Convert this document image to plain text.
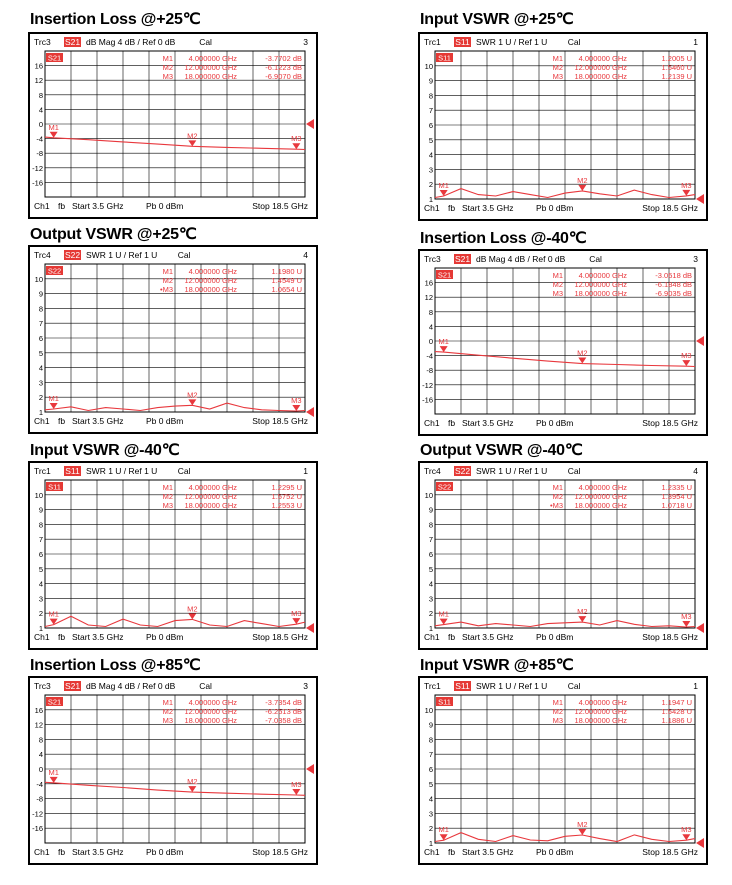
Insertion Loss @+25℃	Input VSWR @+25℃
Output VSWR @+25℃	Insertion Loss @-40℃
Input VSWR @-40℃	Output VSWR @-40℃
Insertion Loss @+85℃	Input VSWR @+85℃
Trc3 S21 dB Mag 4 dB / Ref 0 dB	Cal	3
16
12
8
4
0
-4
-8
-12
-16
M1 4.000000 GHz	-3.7702 dB
M2 12.000000 GHz	-6.1223 dB
M3 18.000000 GHz	-6.9070 dB
S21
M1
M2	M3
Ch1 fb Start 3.5 GHz	Pb 0 dBm	Stop 18.5 GHz
Trc1 S11 SWR 1 U / Ref 1 U Cal	1
10
9
8
7
6
5
4
3
2
1
M1 4.000000 GHz	1.2005 U
M2 12.000000 GHz	1.5460 U
M3 18.000000 GHz	1.2139 U
S11
M1
M2
M3
Ch1 fb Start 3.5 GHz	Pb 0 dBm	Stop 18.5 GHz
Trc4 S22 SWR 1 U / Ref 1 U Cal	4
10
9
8
7
6
5
4
3
2
1
M1 4.000000 GHz	1.1980 U
M2 12.000000 GHz	1.4549 U
•M3 18.000000 GHz	1.0654 U
S22
M1	M2
M3
Ch1 fb Start 3.5 GHz	Pb 0 dBm	Stop 18.5 GHz
Trc3 S21 dB Mag 4 dB / Ref 0 dB	Cal	3
16
12
8
4
0
-4
-8
-12
-16
M1 4.000000 GHz	-3.0518 dB
M2 12.000000 GHz	-6.1848 dB
M3 18.000000 GHz	-6.9035 dB
S21
M1
M2	M3
Ch1 fb Start 3.5 GHz	Pb 0 dBm	Stop 18.5 GHz
Trc1 S11 SWR 1 U / Ref 1 U Cal	1
10
9
8
7
6
5
4
3
2
1
M1 4.000000 GHz	1.2295 U
M2 12.000000 GHz	1.5752 U
M3 18.000000 GHz	1.2553 U
S11
M1
M2
M3
Ch1 fb Start 3.5 GHz	Pb 0 dBm	Stop 18.5 GHz
Trc4 S22 SWR 1 U / Ref 1 U Cal	4
10
9
8
7
6
5
4
3
2
1
M1 4.000000 GHz	1.2335 U
M2 12.000000 GHz	1.3954 U
•M3 18.000000 GHz	1.0718 U
S22
M1	M2
M3
Ch1 fb Start 3.5 GHz	Pb 0 dBm	Stop 18.5 GHz
Trc3 S21 dB Mag 4 dB / Ref 0 dB	Cal	3
16
12
8
4
0
-4
-8
-12
-16
M1 4.000000 GHz	-3.7354 dB
M2 12.000000 GHz	-6.2513 dB
M3 18.000000 GHz	-7.0358 dB
S21
M1
M2	M3
Ch1 fb Start 3.5 GHz	Pb 0 dBm	Stop 18.5 GHz
Trc1 S11 SWR 1 U / Ref 1 U Cal	1
10
9
8
7
6
5
4
3
2
1
M1 4.000000 GHz	1.1947 U
M2 12.000000 GHz	1.5428 U
M3 18.000000 GHz	1.1886 U
S11
M1
M2
M3
Ch1 fb Start 3.5 GHz	Pb 0 dBm	Stop 18.5 GHz
